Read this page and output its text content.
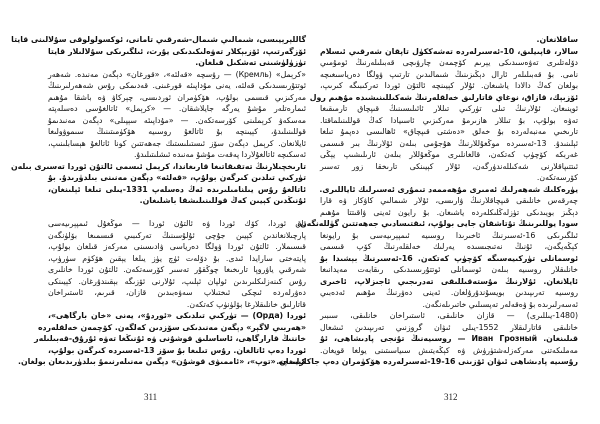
گاللېرېيىسى، شىمالىي شىمال-شەرقىي تامانى، ئوكسولولوقى سۇلالىنى قايتا
ئۆزگەرتىپ، ئۆزبېكلار تەۋەلىكىدىكى يۇرت، ئىلگىرىكى سۇلالىلار قايتا
تۈزۈلۈشىنى تەشكىل قىلغان.
«كرېمل» (Кремль) — رۇسچە «قەلئە»، «قورغان» دېگەن مەنىدە. شەھەر
ئوتتۇرىسىدىكى قەلئە، يەنى مۇداپىئە قورغىنى. قەدىمكى رۇس شەھەرلىرىنىڭ
مەركىزىي قىسمى بولۇپ، ھۆكۈمران ئوردىسى، چېركاۋ ۋە باشقا مۇھىم
ئىمارەتلەر مۇشۇ يەرگە جايلاشقان. — «كرېمل» ئاتالغۇسى دەسلەپتە
مەسكەۋ كرېملىنى كۆرسەتكەن. — «مۇداپىئە سېپىلى» دېگەن مەنىدىمۇ
قوللىنىلىدۇ، كېيىنچە بۇ ئاتالغۇ روسىيە ھۆكۈمىتىنىڭ سىموۋولىغا
ئايلانغان. كرېمل دېگەن سۆز ئىستىلىستىك جەھەتتىن كونا ئاتالغۇ ھېسابلىنىپ،
ئەسكىچە ئاتالغۇلاردا پەقەت مۇشۇ مەنىدە ئىشلىتىلىدۇ.
تارىخچىلارنىڭ تەتقىقاتىغا قارىغاندا، كرېمل ئىسمى ئالتۇن ئوردا تەسىرى بىلەن
تۈركىي تىلدىن كىرگەن بولۇپ، «قەلئە» دېگەن مەنىنى بىلدۈرىدۇ. بۇ
ئاتالغۇ رۇس يىلنامىلىرىدە ئەڭ دەسلەپ 1331-يىلى تىلغا ئېلىنغان،
ئۇنىڭدىن كېيىن كەڭ قوللىنىلىشقا باشلىغان.
ئاق ئوردا، كۆك ئوردا ۋە ئالتۇن ئوردا — موڭغۇل ئىمپېرىيەسى
پارچىلانغاندىن كېيىن جۇچى ئۇلۇسىنىڭ تەركىبىي قىسمىغا بۆلۈنگەن
قىسىملار. ئالتۇن ئوردا ۋولگا دەرياسى ۋادىسىنى مەركەز قىلغان بولۇپ،
پايتەختى سارايدا ئىدى. بۇ دۆلەت ئۈچ يۈز يىلغا يېقىن ھۆكۈم سۈرۈپ،
شەرقىي ياۋروپا تارىخىغا چوڭقۇر تەسىر كۆرسەتكەن. ئالتۇن ئوردا خانلىرى
رۇس كىنەزلىكلىرىدىن ئولپان ئېلىپ، ئۇلارنى ئۆزىگە بېقىندۇرغان. كېيىنكى
دەۋرلەردە ئىچكى ئىختىلاپ سەۋەبىدىن قازان، قىرىم، ئاستىراخان
قاتارلىق خانلىقلارغا بۆلۈنۈپ كەتكەن.
ئوردا (Орда) — تۈركىي تىلدىكى «ئوردۇ»، يەنى «خان بارگاھى»،
«ھەربىي لاگېر» دېگەن مەنىدىكى سۆزدىن كەلگەن. كۆچمەن خەلقلەردە
خاننىڭ قارارگاھى، ئاساسلىق قوشۇنى ۋە ئۇنىڭغا تەۋە ئۇرۇق-قەبىلىلەر
ئوردا دەپ ئاتالغان. رۇس تىلىغا بۇ سۆز 13-ئەسىردە كىرگەن بولۇپ،
كېيىنچە «توپ»، «ئاممىۋى قوشۇن» دېگەن مەنىلەرنىمۇ بىلدۈرىدىغان بولغان.
ساقلانغان.
سالار، قاپىيلىق، 10-ئەسىرلەردە تەشەككۈل تاپقان شەرقىي ئىسلام
دۆلەتلىرى تەۋەسىدىكى يېرىم كۆچمەن چارۋىچى قەبىلىلەرنىڭ ئومۇمىي
نامى. بۇ قەبىلىلەر ئارال دېڭىزىنىڭ شىمالىدىن تارتىپ ۋولگا دەرياسىغىچە
بولغان كەڭ دالادا ياشىغان. ئۇلار كېيىنچە ئالتۇن ئوردا تەركىبىگە كىرىپ،
ئۆزبېك، قازاق، نوغاي قاتارلىق خەلقلەرنىڭ شەكىللىنىشىدە مۇھىم رول
ئوينىغان. ئۇلارنىڭ تىلى تۈركىي تىللار ئائىلىسىنىڭ قىپچاق تارمىقىغا
تەۋە بولۇپ، بۇ تىللار ھازىرمۇ مەركىزىي ئاسىيادا كەڭ قوللىنىلماقتا.
تارىخىي مەنبەلەردە بۇ خەلق «دەشتى قىپچاق» ئاھالىسى دەپمۇ تىلغا
ئېلىنىدۇ. 13-ئەسىردە موڭغۇللارنىڭ ھۇجۇمى بىلەن ئۇلارنىڭ بىر قىسمى
غەربكە كۆچۈپ كەتكەن، قالغانلىرى موڭغۇللار بىلەن ئارىلىشىپ يېڭى
ئىتتىپاقلارنى شەكىللەندۈرگەن، ئۇلار كېيىنكى تارىخقا زور تەسىر
كۆرسەتكەن.
يۈرەكلىك شەھەرلىك ئەمىرى مۇھەممەد تىمۇرى ئەسىرلىك ئاياللىرى.
چەرقەس خانلىقى قىپچاقلارنىڭ ۋارىسى، ئۇلار شىمالىي كاۋكاز ۋە قارا
دېڭىز بويىدىكى تۈزلەڭلىكلەردە ياشىغان. بۇ رايون ئەينى ۋاقىتتا مۇھىم
سودا يوللىرىنىڭ تۇتاشقان جايى بولۇپ، ئىقتىسادىي جەھەتتىن گۈللەنگەن.
ئىلگىرىكى 16-ئەسىرنىڭ ئاخىرىدا روسىيە ئىمپېرىيەسى بۇ رايونغا
كېڭەيگەن، ئۇنىڭ نەتىجىسىدە يەرلىك خەلقلەرنىڭ كۆپ قىسمى
ئوسمانلى تۈركىيەسىگە كۆچۈپ كەتكەن. 16-ئەسىرنىڭ بېشىدا بۇ
خانلىقلار روسىيە بىلەن ئوسمانلى ئوتتۇرىسىدىكى رىقابەت مەيدانىغا
ئايلانغان. ئۇلارنىڭ مۇستەقىللىقى تەدرىجىي ئاجىزلاپ، ئاخىرى
روسىيە تەرىپىدىن بويسۇندۇرۇلغان. ئەينى دەۋرنىڭ مۇھىم ئەدەبىي
ئەسەرلىرىدە بۇ ۋەقەلەر تەپسىلىي خاتىرىلەنگەن.
(1480-يىللىرى) — قازان خانلىقى، ئاستىراخان خانلىقى، سىبىر
خانلىقى قاتارلىقلار 1552-يىلى ئىۋان گروزنىي تەرىپىدىن ئىشغال
قىلىنغان. Иван Грозный — روسىيەنىڭ تۇنجى پادىشاھى، ئۇ
مەملىكەتنى مەركەزلەشتۈرۈش ۋە كېڭەيتىش سىياسىتىنى يولغا قويغان.
رۇسىيە پادىشاھى ئىۋان ئۆزىنى 16-19-ئەسىرلەردە ھۆكۈمران دەپ جاكارلىغان.
311	312
